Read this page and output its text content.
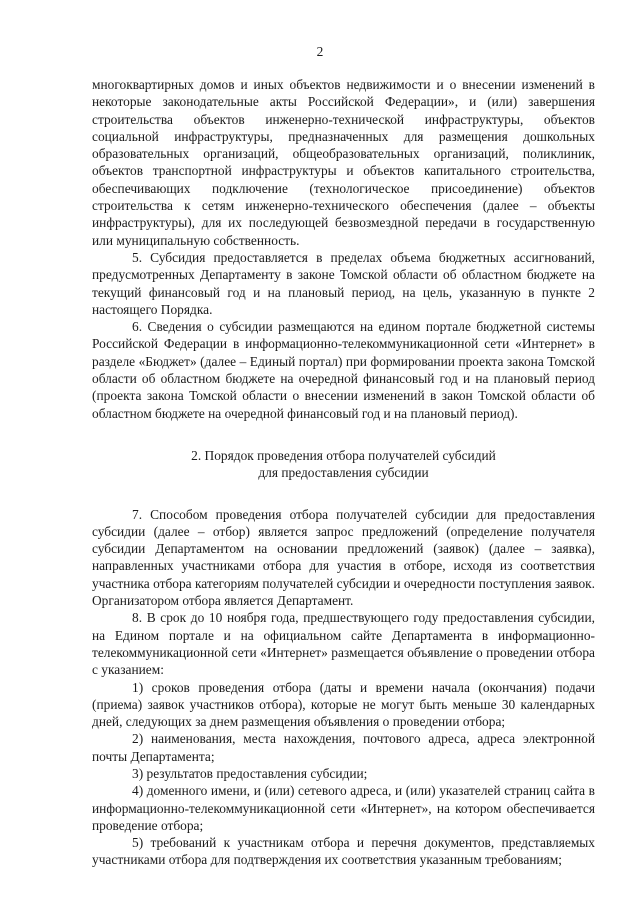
2

многоквартирных домов и иных объектов недвижимости и о внесении изменений в некоторые законодательные акты Российской Федерации», и (или) завершения строительства объектов инженерно-технической инфраструктуры, объектов социальной инфраструктуры, предназначенных для размещения дошкольных образовательных организаций, общеобразовательных организаций, поликлиник, объектов транспортной инфраструктуры и объектов капитального строительства, обеспечивающих подключение (технологическое присоединение) объектов строительства к сетям инженерно-технического обеспечения (далее – объекты инфраструктуры), для их последующей безвозмездной передачи в государственную или муниципальную собственность.

5. Субсидия предоставляется в пределах объема бюджетных ассигнований, предусмотренных Департаменту в законе Томской области об областном бюджете на текущий финансовый год и на плановый период, на цель, указанную в пункте 2 настоящего Порядка.

6. Сведения о субсидии размещаются на едином портале бюджетной системы Российской Федерации в информационно-телекоммуникационной сети «Интернет» в разделе «Бюджет» (далее – Единый портал) при формировании проекта закона Томской области об областном бюджете на очередной финансовый год и на плановый период (проекта закона Томской области о внесении изменений в закон Томской области об областном бюджете на очередной финансовый год и на плановый период).

2. Порядок проведения отбора получателей субсидий
для предоставления субсидии

7. Способом проведения отбора получателей субсидии для предоставления субсидии (далее – отбор) является запрос предложений (определение получателя субсидии Департаментом на основании предложений (заявок) (далее – заявка), направленных участниками отбора для участия в отборе, исходя из соответствия участника отбора категориям получателей субсидии и очередности поступления заявок. Организатором отбора является Департамент.

8. В срок до 10 ноября года, предшествующего году предоставления субсидии, на Едином портале и на официальном сайте Департамента в информационно-телекоммуникационной сети «Интернет» размещается объявление о проведении отбора с указанием:

1) сроков проведения отбора (даты и времени начала (окончания) подачи (приема) заявок участников отбора), которые не могут быть меньше 30 календарных дней, следующих за днем размещения объявления о проведении отбора;

2) наименования, места нахождения, почтового адреса, адреса электронной почты Департамента;

3) результатов предоставления субсидии;

4) доменного имени, и (или) сетевого адреса, и (или) указателей страниц сайта в информационно-телекоммуникационной сети «Интернет», на котором обеспечивается проведение отбора;

5) требований к участникам отбора и перечня документов, представляемых участниками отбора для подтверждения их соответствия указанным требованиям;
